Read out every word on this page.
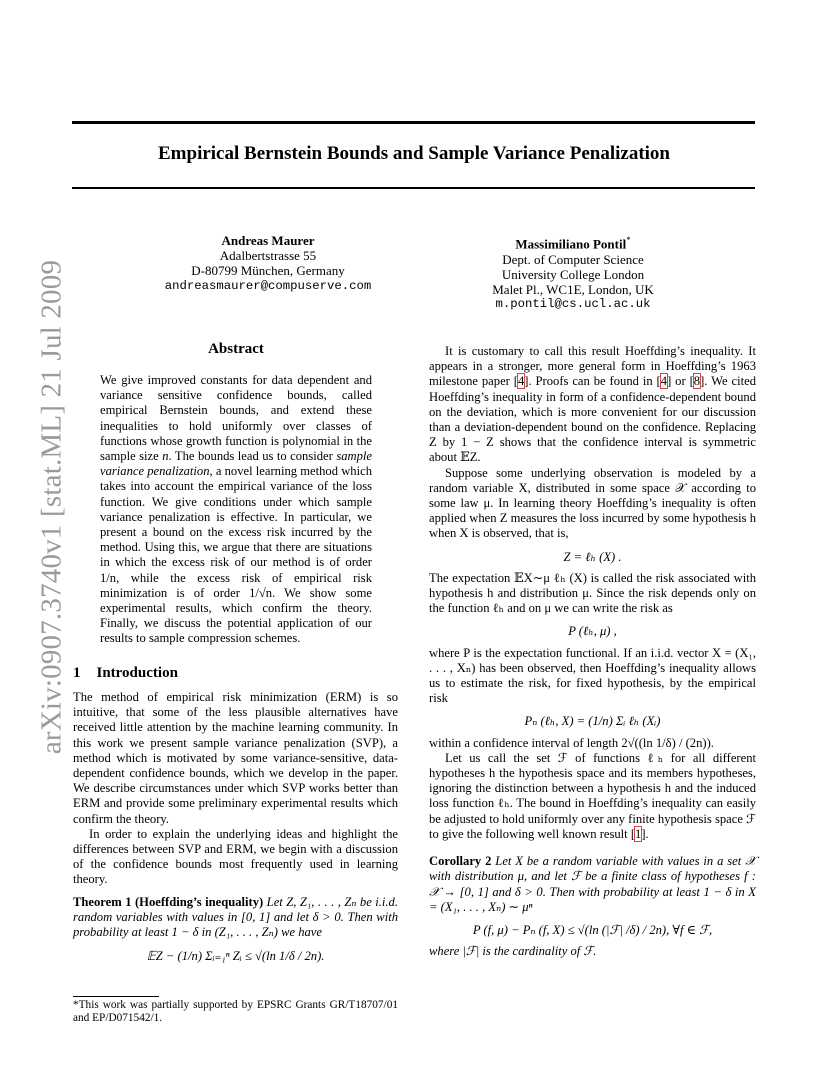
Empirical Bernstein Bounds and Sample Variance Penalization
arXiv:0907.3740v1 [stat.ML] 21 Jul 2009
Andreas Maurer
Adalbertstrasse 55
D-80799 München, Germany
andreasmaurer@compuserve.com
Massimiliano Pontil*
Dept. of Computer Science
University College London
Malet Pl., WC1E, London, UK
m.pontil@cs.ucl.ac.uk
Abstract
We give improved constants for data dependent and variance sensitive confidence bounds, called empirical Bernstein bounds, and extend these inequalities to hold uniformly over classes of functions whose growth function is polynomial in the sample size n. The bounds lead us to consider sample variance penalization, a novel learning method which takes into account the empirical variance of the loss function. We give conditions under which sample variance penalization is effective. In particular, we present a bound on the excess risk incurred by the method. Using this, we argue that there are situations in which the excess risk of our method is of order 1/n, while the excess risk of empirical risk minimization is of order 1/√n. We show some experimental results, which confirm the theory. Finally, we discuss the potential application of our results to sample compression schemes.
1 Introduction

The method of empirical risk minimization (ERM) is so intuitive, that some of the less plausible alternatives have received little attention by the machine learning community. In this work we present sample variance penalization (SVP), a method which is motivated by some variance-sensitive, data-dependent confidence bounds, which we develop in the paper. We describe circumstances under which SVP works better than ERM and provide some preliminary experimental results which confirm the theory.

In order to explain the underlying ideas and highlight the differences between SVP and ERM, we begin with a discussion of the confidence bounds most frequently used in learning theory.

Theorem 1 (Hoeffding’s inequality) Let Z, Z₁, . . . , Zₙ be i.i.d. random variables with values in [0, 1] and let δ > 0. Then with probability at least 1 − δ in (Z₁, . . . , Zₙ) we have
𝔼Z − (1/n) Σᵢ₌₁ⁿ Zᵢ ≤ √(ln 1/δ / 2n).
*This work was partially supported by EPSRC Grants GR/T18707/01 and EP/D071542/1.

It is customary to call this result Hoeffding’s inequality. It appears in a stronger, more general form in Hoeffding’s 1963 milestone paper [4]. Proofs can be found in [4] or [8]. We cited Hoeffding’s inequality in form of a confidence-dependent bound on the deviation, which is more convenient for our discussion than a deviation-dependent bound on the confidence. Replacing Z by 1 − Z shows that the confidence interval is symmetric about 𝔼Z.

Suppose some underlying observation is modeled by a random variable X, distributed in some space 𝒳 according to some law μ. In learning theory Hoeffding’s inequality is often applied when Z measures the loss incurred by some hypothesis h when X is observed, that is,

Z = ℓₕ (X) .

The expectation 𝔼X∼μ ℓₕ (X) is called the risk associated with hypothesis h and distribution μ. Since the risk depends only on the function ℓₕ and on μ we can write the risk as

P (ℓₕ, μ) ,

where P is the expectation functional. If an i.i.d. vector X = (X₁, . . . , Xₙ) has been observed, then Hoeffding’s inequality allows us to estimate the risk, for fixed hypothesis, by the empirical risk

Pₙ (ℓₕ, X) = (1/n) Σᵢ ℓₕ (Xᵢ)

within a confidence interval of length 2√((ln 1/δ) / (2n)).

Let us call the set ℱ of functions ℓₕ for all different hypotheses h the hypothesis space and its members hypotheses, ignoring the distinction between a hypothesis h and the induced loss function ℓₕ. The bound in Hoeffding’s inequality can easily be adjusted to hold uniformly over any finite hypothesis space ℱ to give the following well known result [1].

Corollary 2 Let X be a random variable with values in a set 𝒳 with distribution μ, and let ℱ be a finite class of hypotheses f : 𝒳 → [0, 1] and δ > 0. Then with probability at least 1 − δ in X = (X₁, . . . , Xₙ) ∼ μⁿ
P (f, μ) − Pₙ (f, X) ≤ √(ln (|ℱ| /δ) / 2n), ∀f ∈ ℱ,

where |ℱ| is the cardinality of ℱ.
